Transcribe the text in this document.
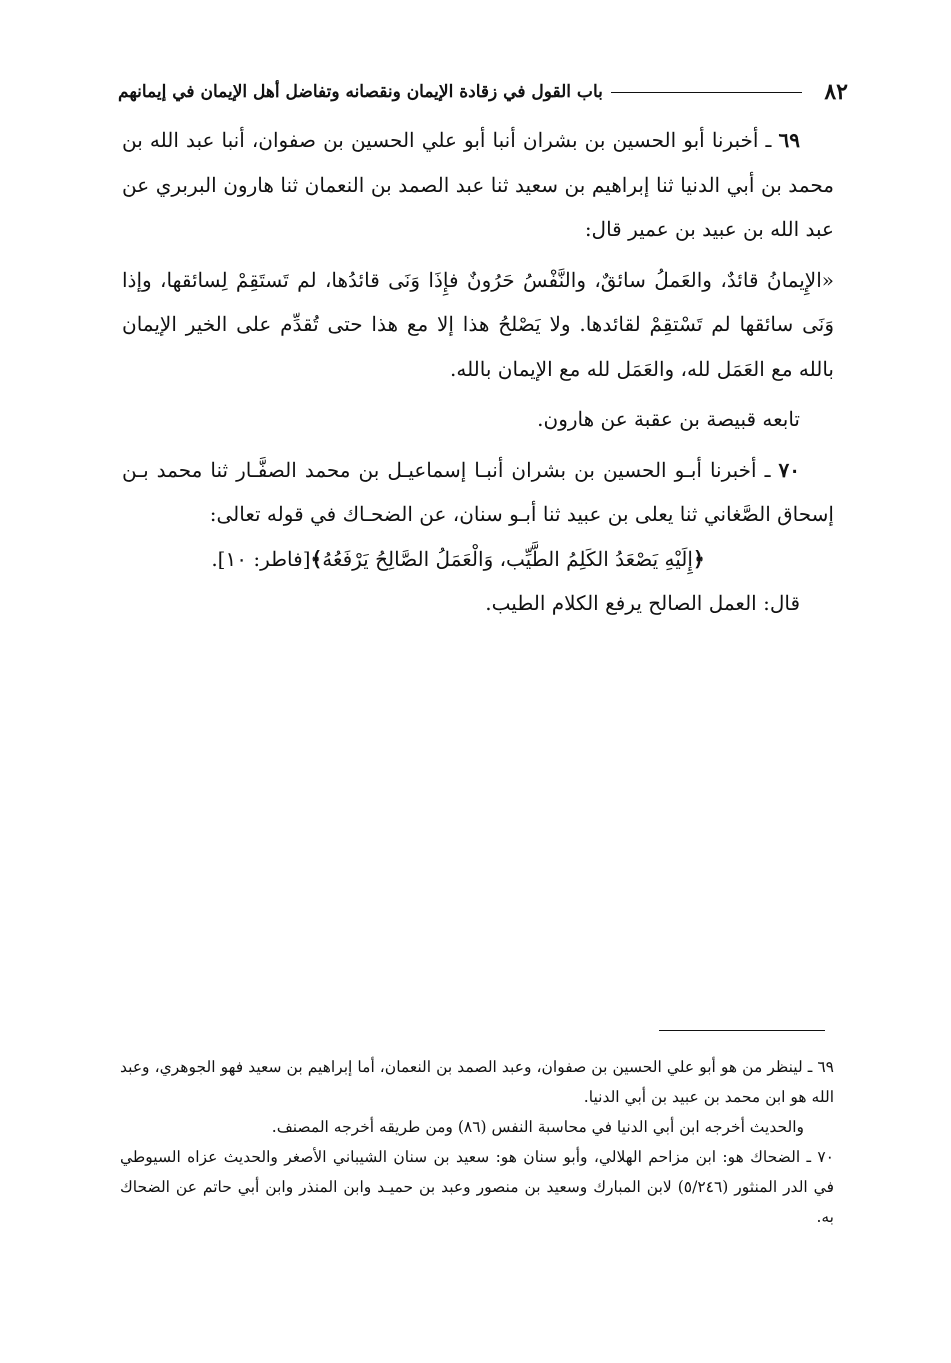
٨٢
باب القول في زقادة الإيمان ونقصانه وتفاضل أهل الإيمان في إيمانهم

٦٩ ـ أخبرنا أبو الحسين بن بشران أنبا أبو علي الحسين بن صفوان، أنبا عبد الله بن محمد بن أبي الدنيا ثنا إبراهيم بن سعيد ثنا عبد الصمد بن النعمان ثنا هارون البربري عن عبد الله بن عبيد بن عمير قال:

«الإِيمانُ قائدٌ، والعَملُ سائقٌ، والنَّفْسُ حَرُونٌ فإِذَا وَنَى قائدُها، لم تَستَقِمْ لِسائقها، وإذا وَنَى سائقها لم تَسْتقِمْ لقائدها. ولا يَصْلحُ هذا إلا مع هذا حتى تُقدِّم على الخير الإيمان بالله مع العَمَل لله، والعَمَل لله مع الإيمان بالله.

تابعه قبيصة بن عقبة عن هارون.

٧٠ ـ أخبرنا أبـو الحسين بن بشران أنبـا إسماعيـل بن محمد الصفَّـار ثنا محمد بـن إسحاق الصَّغاني ثنا يعلى بن عبيد ثنا أبـو سنان، عن الضحـاك في قوله تعالى:

﴿إِلَيْهِ يَصْعَدُ الكَلِمُ الطَّيِّب، وَالْعَمَلُ الصَّالِحُ يَرْفَعُهُ﴾[فاطر: ١٠].

قال: العمل الصالح يرفع الكلام الطيب.

٦٩ ـ لينظر من هو أبو علي الحسين بن صفوان، وعبد الصمد بن النعمان، أما إبراهيم بن سعيد فهو الجوهري، وعبد الله هو ابن محمد بن عبيد بن أبي الدنيا.

والحديث أخرجه ابن أبي الدنيا في محاسبة النفس (٨٦) ومن طريقه أخرجه المصنف.

٧٠ ـ الضحاك هو: ابن مزاحم الهلالي، وأبو سنان هو: سعيد بن سنان الشيباني الأصغر والحديث عزاه السيوطي في الدر المنثور (٥/٢٤٦) لابن المبارك وسعيد بن منصور وعبد بن حميـد وابن المنذر وابن أبي حاتم عن الضحاك به.
